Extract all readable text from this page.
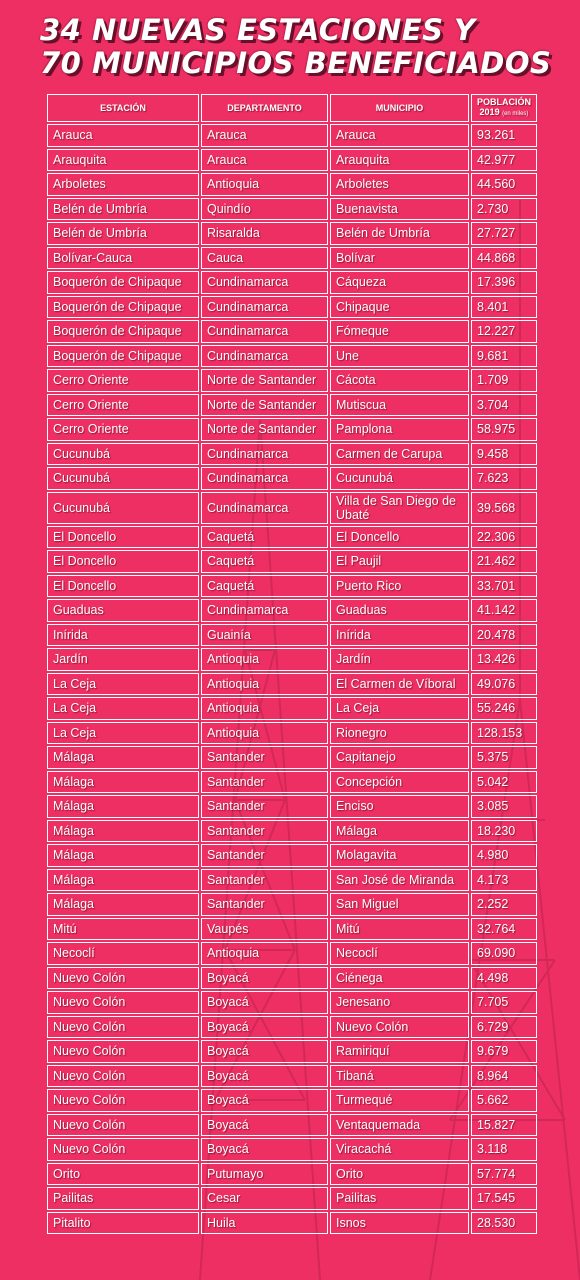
34 NUEVAS ESTACIONES Y
70 MUNICIPIOS BENEFICIADOS
ESTACIÓN	DEPARTAMENTO	MUNICIPIO	POBLACIÓN
2019 (en miles)
Arauca	Arauca	Arauca	93.261
Arauquita	Arauca	Arauquita	42.977
Arboletes	Antioquia	Arboletes	44.560
Belén de Umbría	Quindío	Buenavista	2.730
Belén de Umbría	Risaralda	Belén de Umbría	27.727
Bolívar-Cauca	Cauca	Bolívar	44.868
Boquerón de Chipaque	Cundinamarca	Cáqueza	17.396
Boquerón de Chipaque	Cundinamarca	Chipaque	8.401
Boquerón de Chipaque	Cundinamarca	Fómeque	12.227
Boquerón de Chipaque	Cundinamarca	Une	9.681
Cerro Oriente	Norte de Santander	Cácota	1.709
Cerro Oriente	Norte de Santander	Mutiscua	3.704
Cerro Oriente	Norte de Santander	Pamplona	58.975
Cucunubá	Cundinamarca	Carmen de Carupa	9.458
Cucunubá	Cundinamarca	Cucunubá	7.623
Cucunubá	Cundinamarca	Villa de San Diego de Ubaté	39.568
El Doncello	Caquetá	El Doncello	22.306
El Doncello	Caquetá	El Paujil	21.462
El Doncello	Caquetá	Puerto Rico	33.701
Guaduas	Cundinamarca	Guaduas	41.142
Inírida	Guainía	Inírida	20.478
Jardín	Antioquia	Jardín	13.426
La Ceja	Antioquia	El Carmen de Víboral	49.076
La Ceja	Antioquia	La Ceja	55.246
La Ceja	Antioquia	Rionegro	128.153
Málaga	Santander	Capitanejo	5.375
Málaga	Santander	Concepción	5.042
Málaga	Santander	Enciso	3.085
Málaga	Santander	Málaga	18.230
Málaga	Santander	Molagavita	4.980
Málaga	Santander	San José de Miranda	4.173
Málaga	Santander	San Miguel	2.252
Mitú	Vaupés	Mitú	32.764
Necoclí	Antioquia	Necoclí	69.090
Nuevo Colón	Boyacá	Ciénega	4.498
Nuevo Colón	Boyacá	Jenesano	7.705
Nuevo Colón	Boyacá	Nuevo Colón	6.729
Nuevo Colón	Boyacá	Ramiriquí	9.679
Nuevo Colón	Boyacá	Tibaná	8.964
Nuevo Colón	Boyacá	Turmequé	5.662
Nuevo Colón	Boyacá	Ventaquemada	15.827
Nuevo Colón	Boyacá	Viracachá	3.118
Orito	Putumayo	Orito	57.774
Pailitas	Cesar	Pailitas	17.545
Pitalito	Huila	Isnos	28.530
